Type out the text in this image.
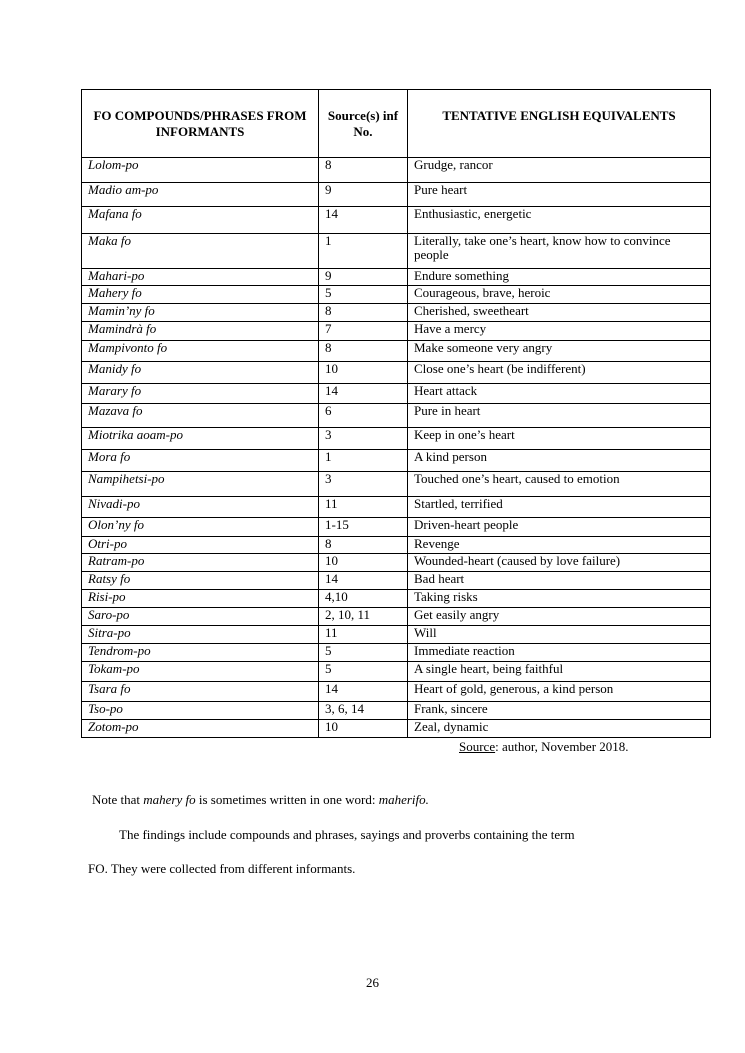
FO COMPOUNDS/PHRASES FROM INFORMANTS	Source(s) inf No.	TENTATIVE ENGLISH EQUIVALENTS
Lolom-po	8	Grudge, rancor
Madio am-po	9	Pure heart
Mafana fo	14	Enthusiastic, energetic
Maka fo	1	Literally, take one’s heart, know how to convince people
Mahari-po	9	Endure something
Mahery fo	5	Courageous, brave, heroic
Mamin’ny fo	8	Cherished, sweetheart
Mamindrà fo	7	Have a mercy
Mampivonto fo	8	Make someone very angry
Manidy fo	10	Close one’s heart (be indifferent)
Marary fo	14	Heart attack
Mazava fo	6	Pure in heart
Miotrika aoam-po	3	Keep in one’s heart
Mora fo	1	A kind person
Nampihetsi-po	3	Touched one’s heart, caused to emotion
Nivadi-po	11	Startled, terrified
Olon’ny fo	1-15	Driven-heart people
Otri-po	8	Revenge
Ratram-po	10	Wounded-heart (caused by love failure)
Ratsy fo	14	Bad heart
Risi-po	4,10	Taking risks
Saro-po	2, 10, 11	Get easily angry
Sitra-po	11	Will
Tendrom-po	5	Immediate reaction
Tokam-po	5	A single heart, being faithful
Tsara fo	14	Heart of gold, generous, a kind person
Tso-po	3, 6, 14	Frank, sincere
Zotom-po	10	Zeal, dynamic
Source: author, November 2018.
Note that mahery fo is sometimes written in one word: maherifo.
The findings include compounds and phrases, sayings and proverbs containing the term
FO. They were collected from different informants.
26
